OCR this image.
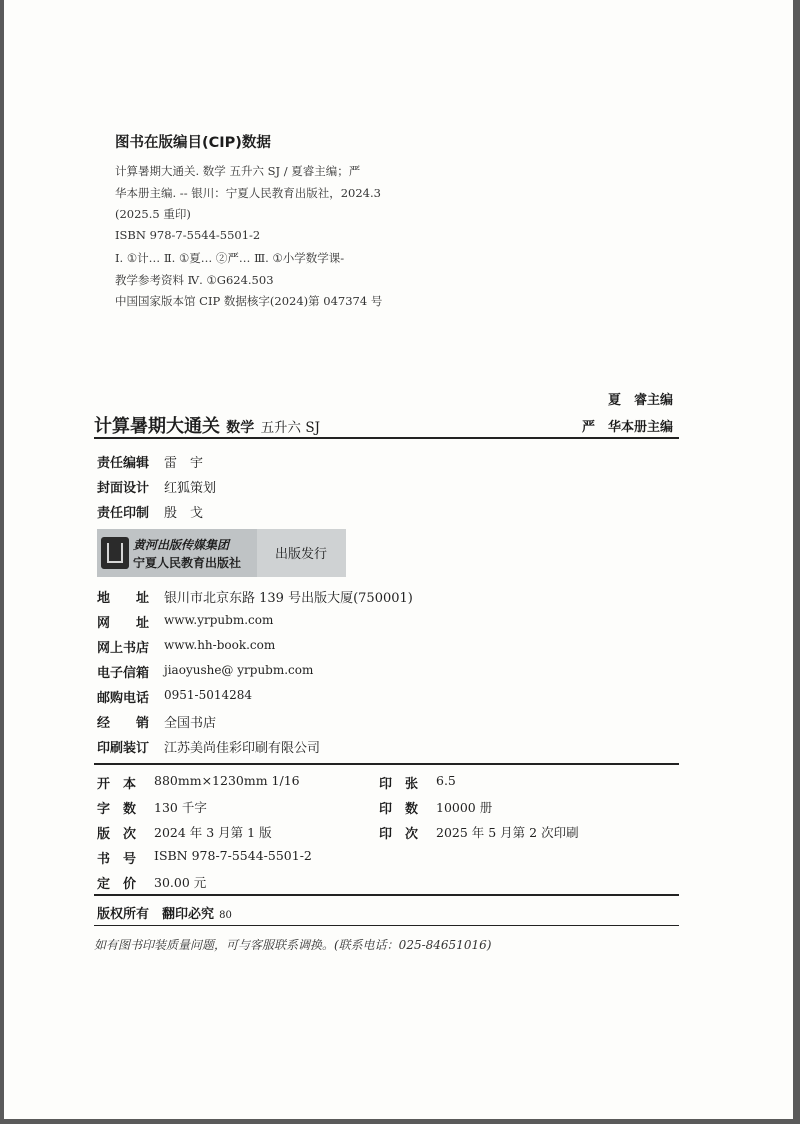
图书在版编目(CIP)数据
计算暑期大通关. 数学 五升六 SJ / 夏睿主编；严
华本册主编. -- 银川：宁夏人民教育出版社，2024.3
(2025.5 重印)
ISBN 978-7-5544-5501-2
Ⅰ. ①计… Ⅱ. ①夏… ②严… Ⅲ. ①小学数学课-
教学参考资料 Ⅳ. ①G624.503
中国国家版本馆 CIP 数据核字(2024)第 047374 号
夏　睿主编
严　华本册主编
计算暑期大通关 数学 五升六 SJ
责任编辑 雷　宇
封面设计 红狐策划
责任印制 殷　戈
黄河出版传媒集团
宁夏人民教育出版社
出版发行
地　　址 银川市北京东路 139 号出版大厦(750001)
网　　址 www.yrpubm.com
网上书店 www.hh-book.com
电子信箱 jiaoyushe@ yrpubm.com
邮购电话 0951-5014284
经　　销 全国书店
印刷装订 江苏美尚佳彩印刷有限公司
开　本 880mm×1230mm 1/16
字　数 130 千字
版　次 2024 年 3 月第 1 版
书　号 ISBN 978-7-5544-5501-2
定　价 30.00 元
印　张 6.5
印　数 10000 册
印　次 2025 年 5 月第 2 次印刷
版权所有　翻印必究 80
如有图书印装质量问题，可与客服联系调换。(联系电话：025-84651016)
